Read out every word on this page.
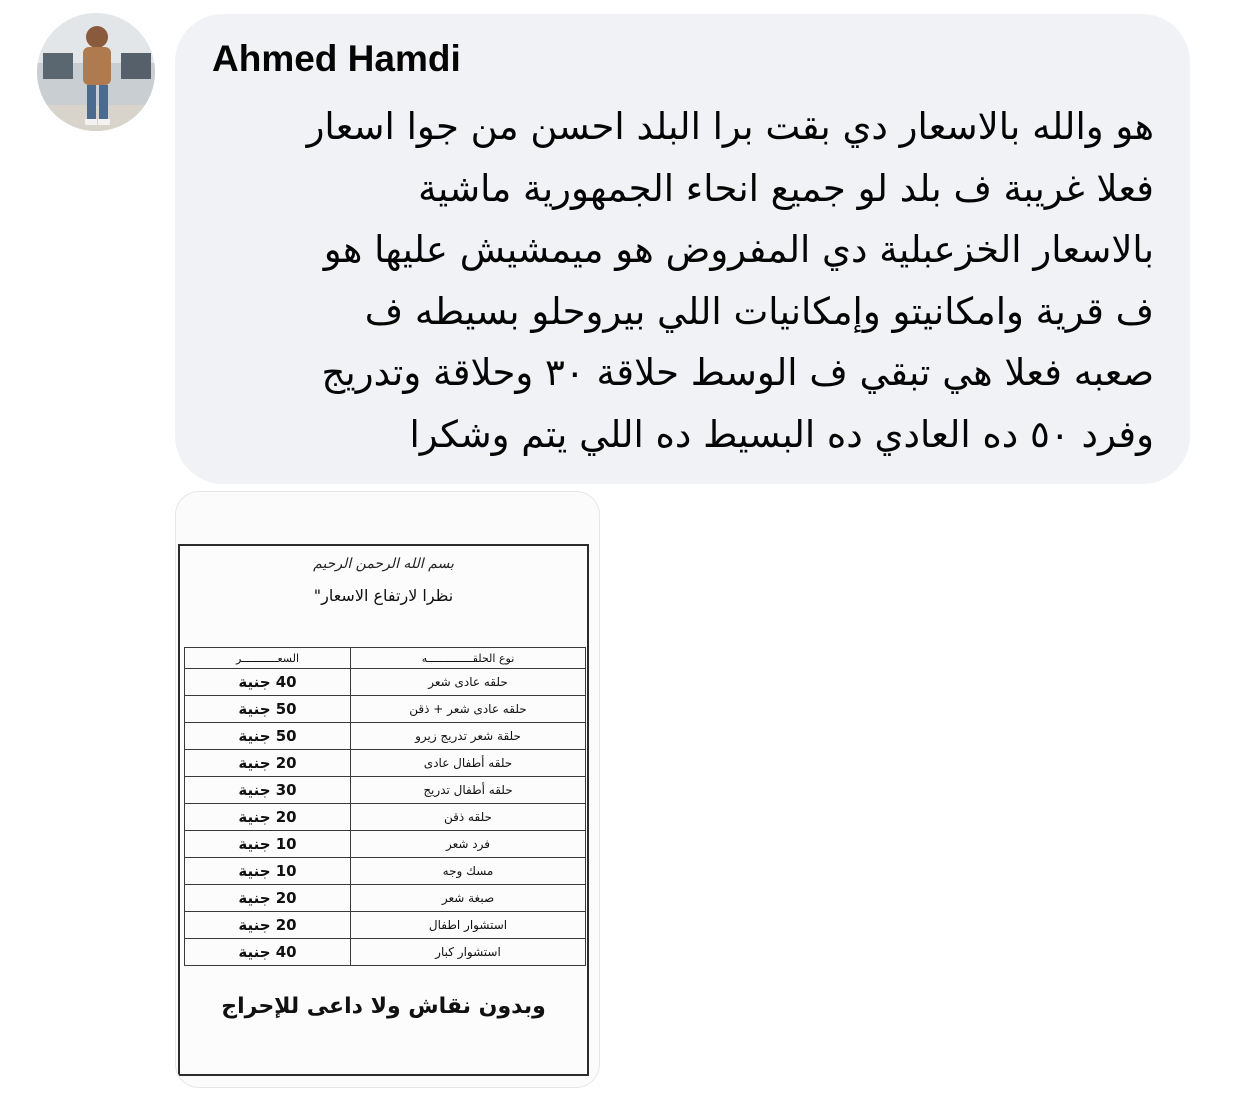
Ahmed Hamdi

هو والله بالاسعار دي بقت برا البلد احسن من جوا اسعار
فعلا غريبة ف بلد لو جميع انحاء الجمهورية ماشية
بالاسعار الخزعبلية دي المفروض هو ميمشيش عليها هو
ف قرية وامكانيتو وإمكانيات اللي بيروحلو بسيطه ف
صعبه فعلا هي تبقي ف الوسط حلاقة ٣٠ وحلاقة وتدريج
وفرد ٥٠ ده العادي ده البسيط ده اللي يتم وشكرا

بسم الله الرحمن الرحيم
نظرا لارتفاع الاسعار"
نوع الحلقــــــــــــــه	السعـــــــــــر
حلقه عادى شعر	40 جنية
حلقه عادى شعر + ذقن	50 جنية
حلقة شعر تدريج زيرو	50 جنية
حلقه أطفال عادى	20 جنية
حلقه أطفال تدريج	30 جنية
حلقه ذقن	20 جنية
فرد شعر	10 جنية
مسك وجه	10 جنية
صبغة شعر	20 جنية
استشوار اطفال	20 جنية
استشوار كبار	40 جنية
وبدون نقاش ولا داعى للإحراج
